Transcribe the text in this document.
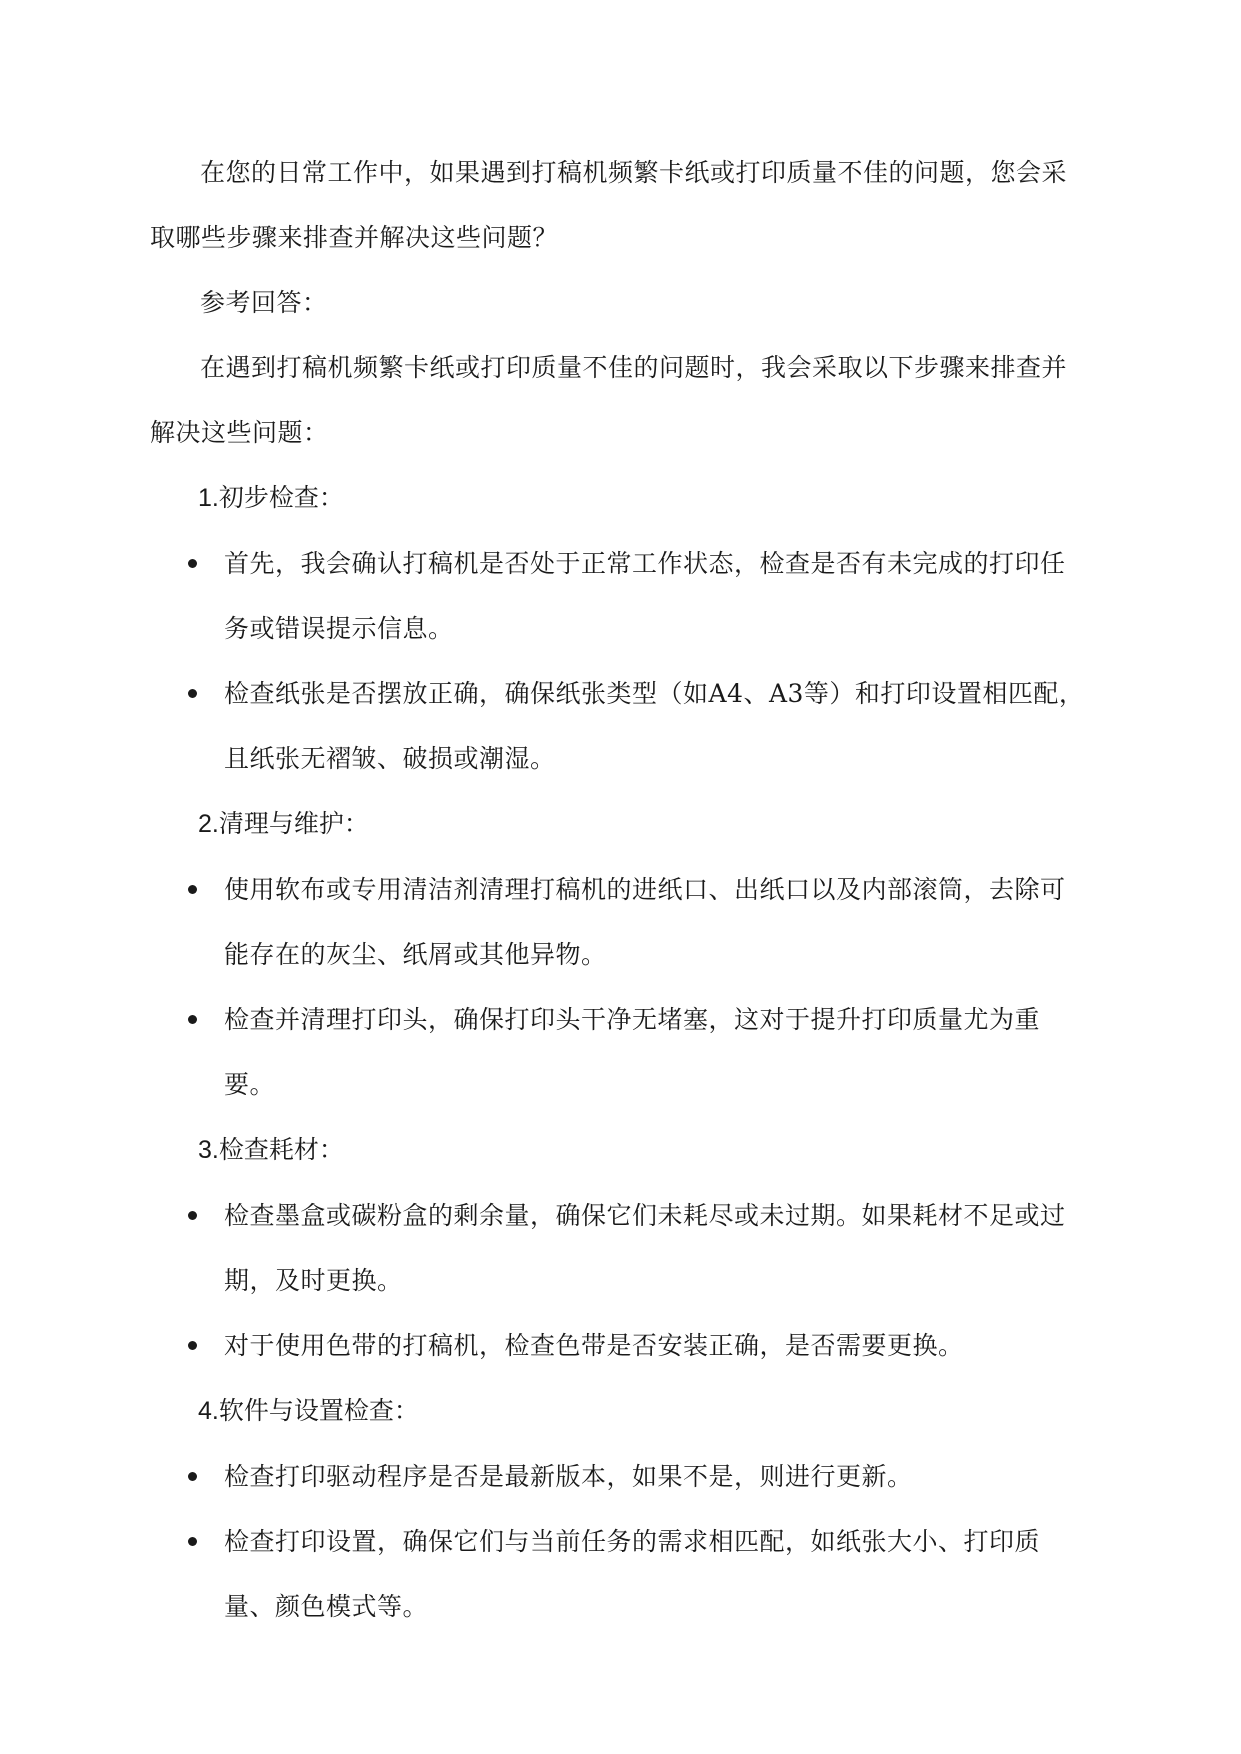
在您的日常工作中，如果遇到打稿机频繁卡纸或打印质量不佳的问题，您会采取哪些步骤来排查并解决这些问题？

参考回答：

在遇到打稿机频繁卡纸或打印质量不佳的问题时，我会采取以下步骤来排查并解决这些问题：

1.初步检查：

首先，我会确认打稿机是否处于正常工作状态，检查是否有未完成的打印任务或错误提示信息。
检查纸张是否摆放正确，确保纸张类型（如A4、A3等）和打印设置相匹配，且纸张无褶皱、破损或潮湿。

2.清理与维护：

使用软布或专用清洁剂清理打稿机的进纸口、出纸口以及内部滚筒，去除可能存在的灰尘、纸屑或其他异物。
检查并清理打印头，确保打印头干净无堵塞，这对于提升打印质量尤为重要。

3.检查耗材：

检查墨盒或碳粉盒的剩余量，确保它们未耗尽或未过期。如果耗材不足或过期，及时更换。
对于使用色带的打稿机，检查色带是否安装正确，是否需要更换。

4.软件与设置检查：

检查打印驱动程序是否是最新版本，如果不是，则进行更新。
检查打印设置，确保它们与当前任务的需求相匹配，如纸张大小、打印质量、颜色模式等。
